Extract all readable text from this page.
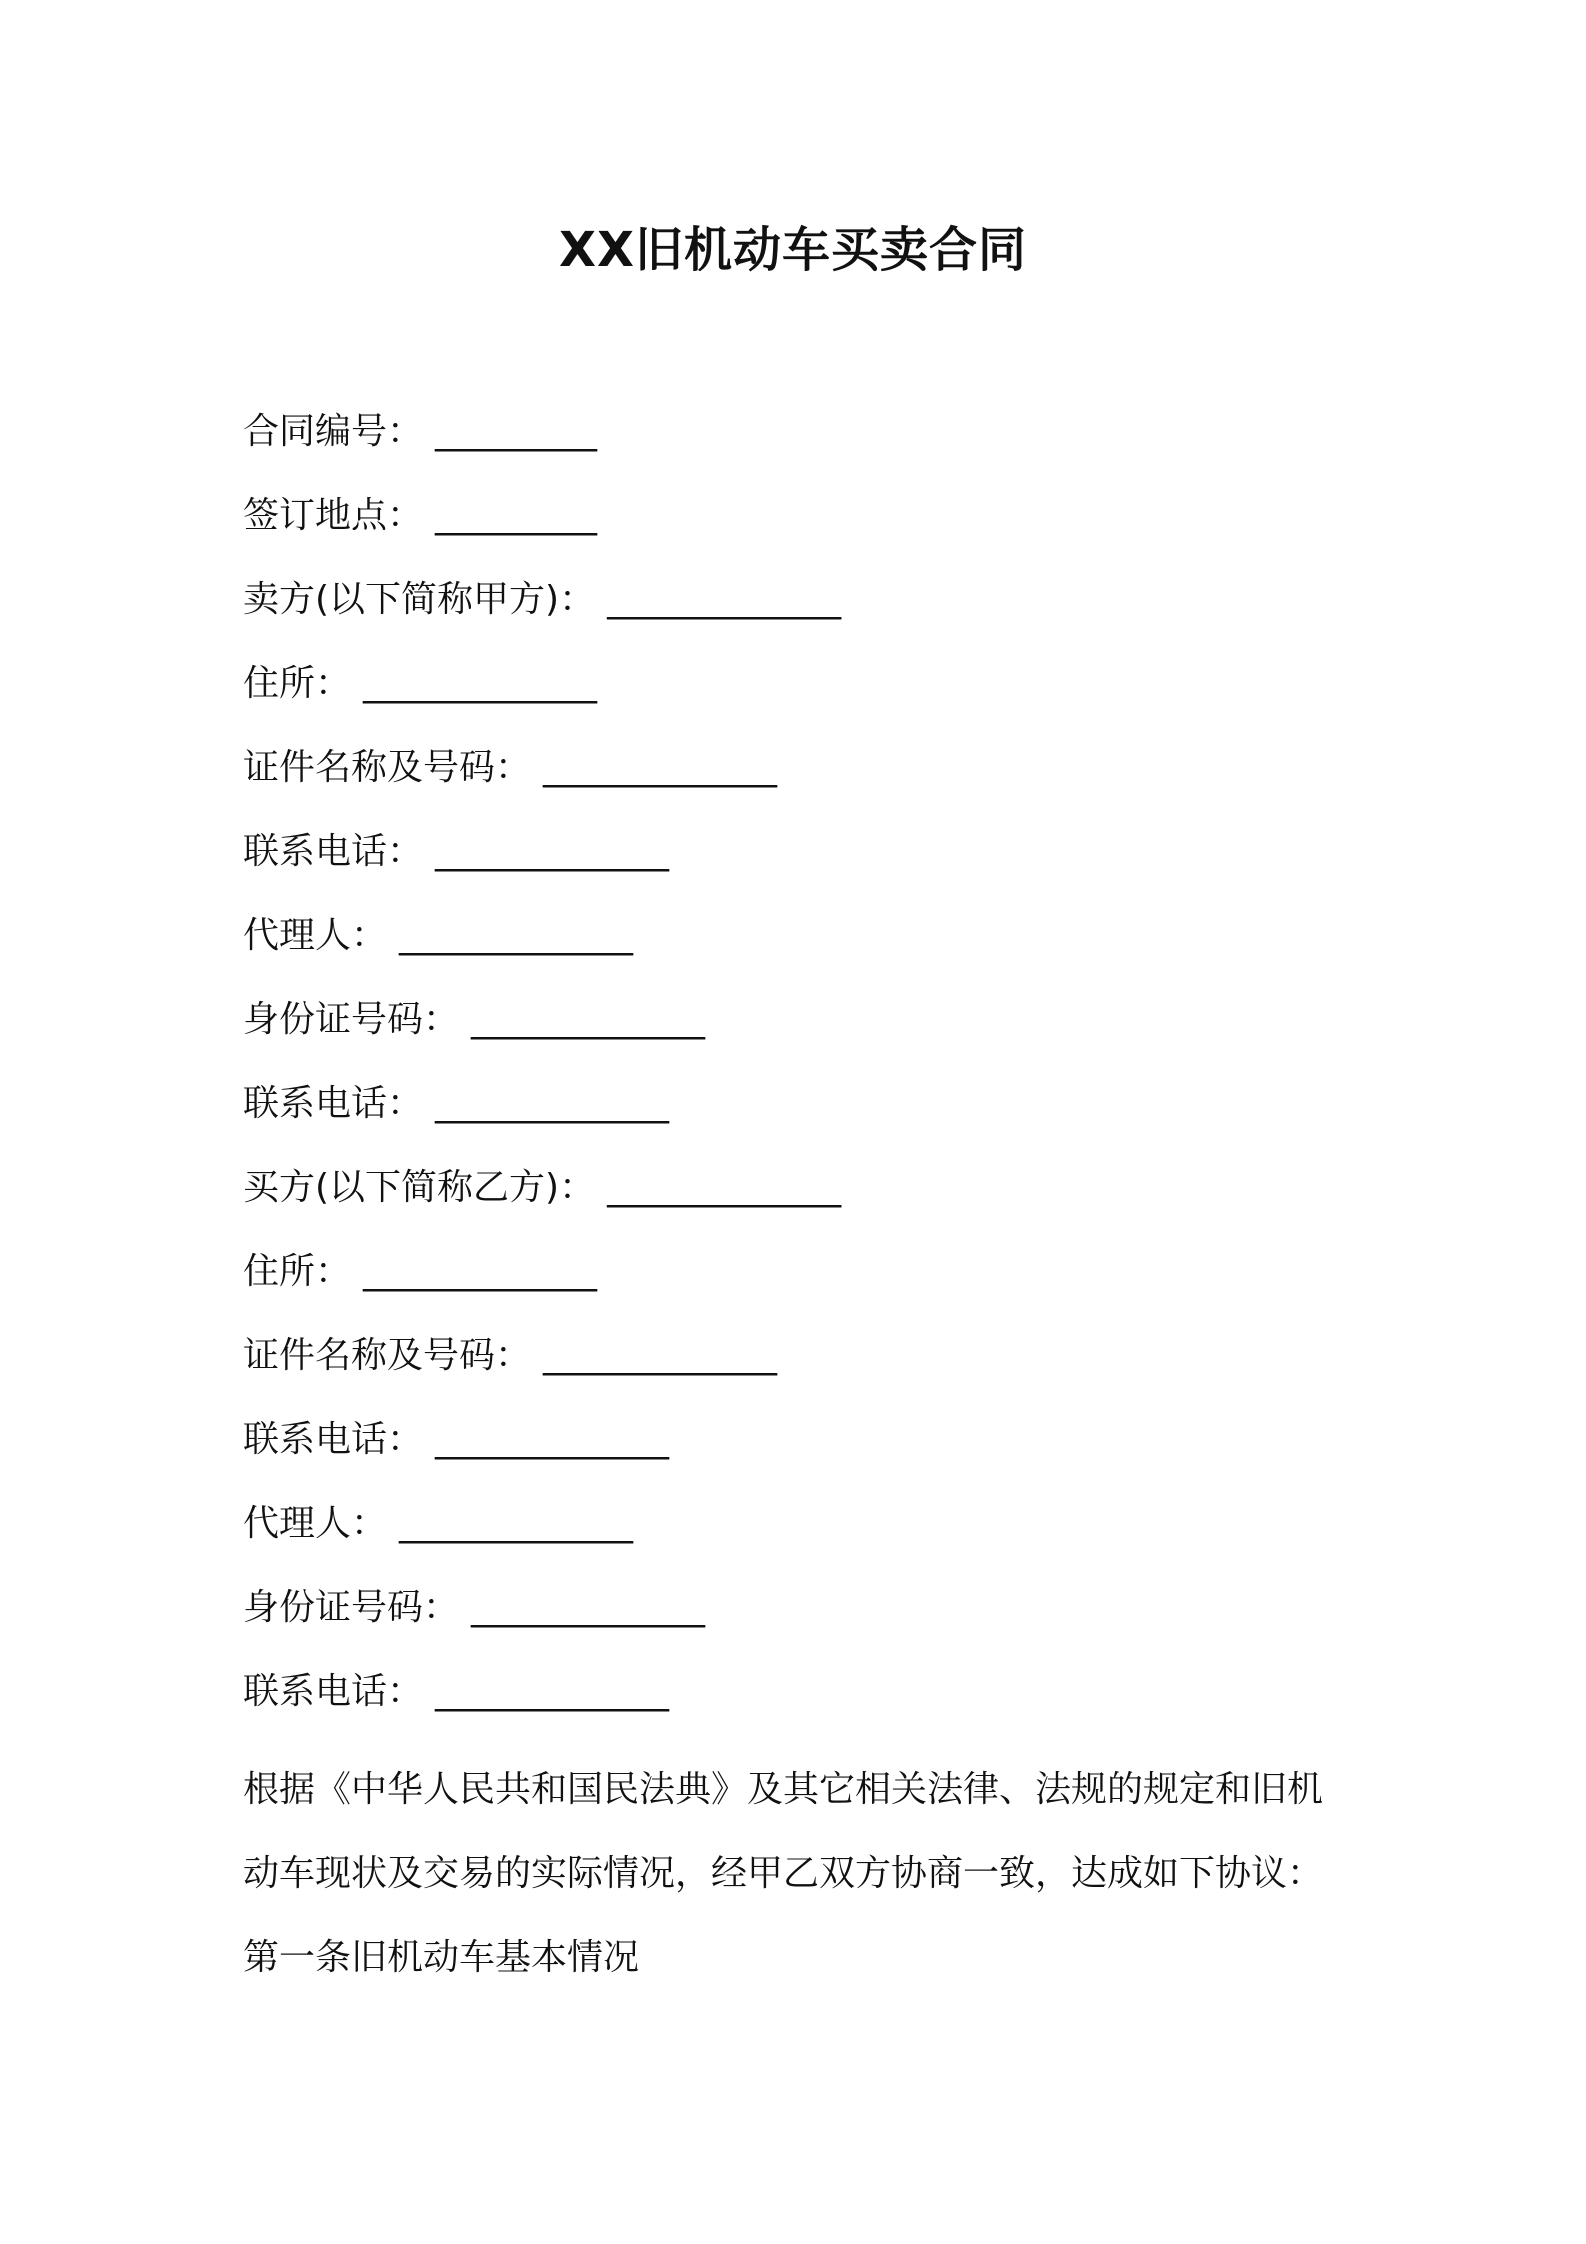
XX旧机动车买卖合同
合同编号 ： _________
签订地点 ： _________
卖方(以下简称甲方) ： _____________
住所 ： _____________
证件名称及号码 ： _____________
联系电话 ： _____________
代理人 ： _____________
身份证号码 ： _____________
联系电话 ： _____________
买方(以下简称乙方) ： _____________
住所 ： _____________
证件名称及号码 ： _____________
联系电话 ： _____________
代理人 ： _____________
身份证号码 ： _____________
联系电话 ： _____________
根据《中华人民共和国民法典》及其它相关法律、法规的规定和旧机
动车现状及交易的实际情况，经甲乙双方协商一致，达成如下协议：
第一条旧机动车基本情况
